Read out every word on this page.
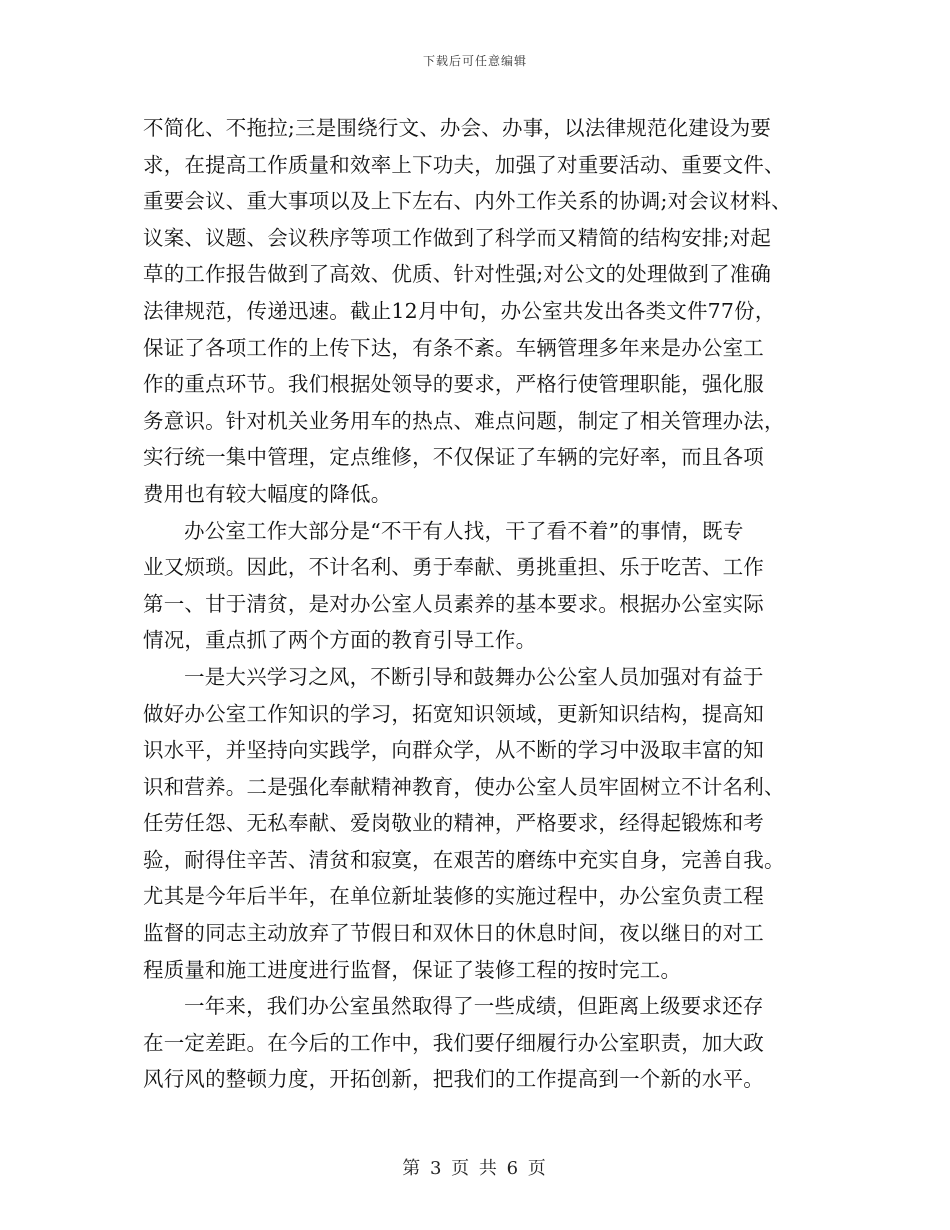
下载后可任意编辑
不简化、不拖拉;三是围绕行文、办会、办事，以法律规范化建设为要
求，在提高工作质量和效率上下功夫，加强了对重要活动、重要文件、
重要会议、重大事项以及上下左右、内外工作关系的协调;对会议材料、
议案、议题、会议秩序等项工作做到了科学而又精简的结构安排;对起
草的工作报告做到了高效、优质、针对性强;对公文的处理做到了准确
法律规范，传递迅速。截止12月中旬，办公室共发出各类文件77份，
保证了各项工作的上传下达，有条不紊。车辆管理多年来是办公室工
作的重点环节。我们根据处领导的要求，严格行使管理职能，强化服
务意识。针对机关业务用车的热点、难点问题，制定了相关管理办法，
实行统一集中管理，定点维修，不仅保证了车辆的完好率，而且各项
费用也有较大幅度的降低。
办公室工作大部分是“不干有人找，干了看不着”的事情，既专
业又烦琐。因此，不计名利、勇于奉献、勇挑重担、乐于吃苦、工作
第一、甘于清贫，是对办公室人员素养的基本要求。根据办公室实际
情况，重点抓了两个方面的教育引导工作。
一是大兴学习之风，不断引导和鼓舞办公公室人员加强对有益于
做好办公室工作知识的学习，拓宽知识领域，更新知识结构，提高知
识水平，并坚持向实践学，向群众学，从不断的学习中汲取丰富的知
识和营养。二是强化奉献精神教育，使办公室人员牢固树立不计名利、
任劳任怨、无私奉献、爱岗敬业的精神，严格要求，经得起锻炼和考
验，耐得住辛苦、清贫和寂寞，在艰苦的磨练中充实自身，完善自我。
尤其是今年后半年，在单位新址装修的实施过程中，办公室负责工程
监督的同志主动放弃了节假日和双休日的休息时间，夜以继日的对工
程质量和施工进度进行监督，保证了装修工程的按时完工。
一年来，我们办公室虽然取得了一些成绩，但距离上级要求还存
在一定差距。在今后的工作中，我们要仔细履行办公室职责，加大政
风行风的整顿力度，开拓创新，把我们的工作提高到一个新的水平。
第 3 页 共 6 页
